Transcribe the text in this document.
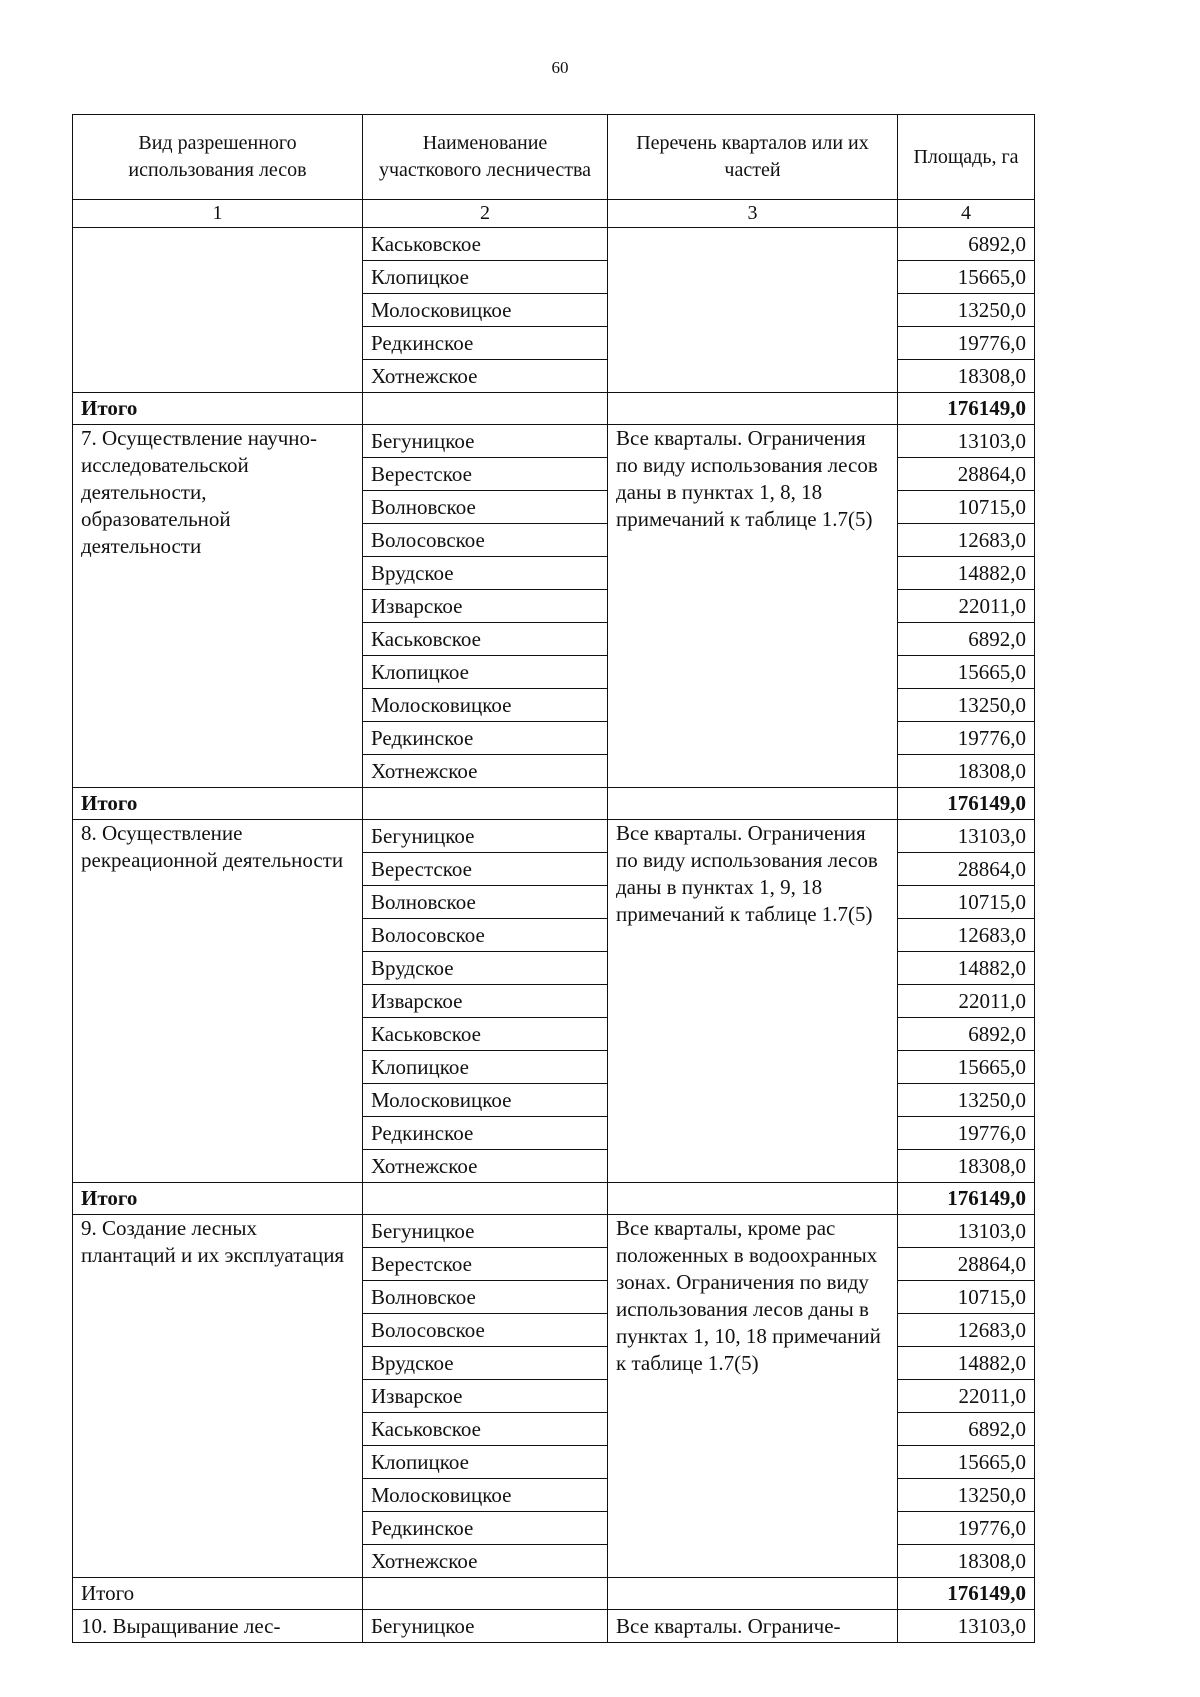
60
Вид разрешенного использования лесов	Наименование участкового лесничества	Перечень кварталов или их частей	Площадь, га
1	2	3	4
	Каськовское		6892,0
	Клопицкое		15665,0
	Молосковицкое		13250,0
	Редкинское		19776,0
	Хотнежское		18308,0
Итого			176149,0
7. Осуществление научно-исследовательской деятельности, образовательной деятельности	Бегуницкое	Все кварталы. Ограничения по виду использования лесов даны в пунктах 1, 8, 18 примечаний к таблице 1.7(5)	13103,0
	Верестское		28864,0
	Волновское		10715,0
	Волосовское		12683,0
	Врудское		14882,0
	Изварское		22011,0
	Каськовское		6892,0
	Клопицкое		15665,0
	Молосковицкое		13250,0
	Редкинское		19776,0
	Хотнежское		18308,0
Итого			176149,0
8. Осуществление рекреационной деятельности	Бегуницкое	Все кварталы. Ограничения по виду использования лесов даны в пунктах 1, 9, 18 примечаний к таблице 1.7(5)	13103,0
	Верестское		28864,0
	Волновское		10715,0
	Волосовское		12683,0
	Врудское		14882,0
	Изварское		22011,0
	Каськовское		6892,0
	Клопицкое		15665,0
	Молосковицкое		13250,0
	Редкинское		19776,0
	Хотнежское		18308,0
Итого			176149,0
9. Создание лесных плантаций и их эксплуатация	Бегуницкое	Все кварталы, кроме рас положенных в водоохранных зонах. Ограничения по виду использования лесов даны в пунктах 1, 10, 18 примечаний к таблице 1.7(5)	13103,0
	Верестское		28864,0
	Волновское		10715,0
	Волосовское		12683,0
	Врудское		14882,0
	Изварское		22011,0
	Каськовское		6892,0
	Клопицкое		15665,0
	Молосковицкое		13250,0
	Редкинское		19776,0
	Хотнежское		18308,0
Итого			176149,0
10. Выращивание лес-	Бегуницкое	Все кварталы. Ограниче-	13103,0
